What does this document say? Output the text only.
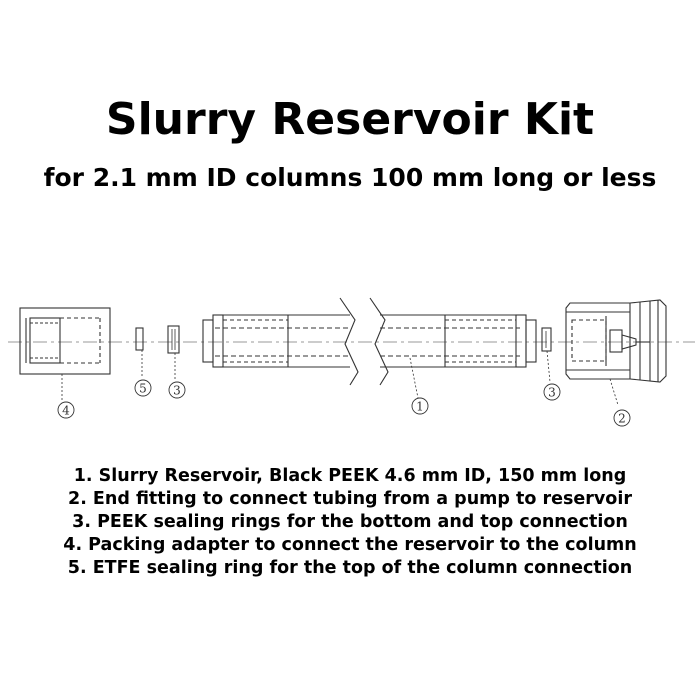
Slurry Reservoir Kit
for 2.1 mm ID columns 100 mm long or less
4
5 3
1
3
2
1. Slurry Reservoir, Black PEEK 4.6 mm ID, 150 mm long
2. End fitting to connect tubing from a pump to reservoir
3. PEEK sealing rings for the bottom and top connection
4. Packing adapter to connect the reservoir to the column
5. ETFE sealing ring for the top of the column connection
